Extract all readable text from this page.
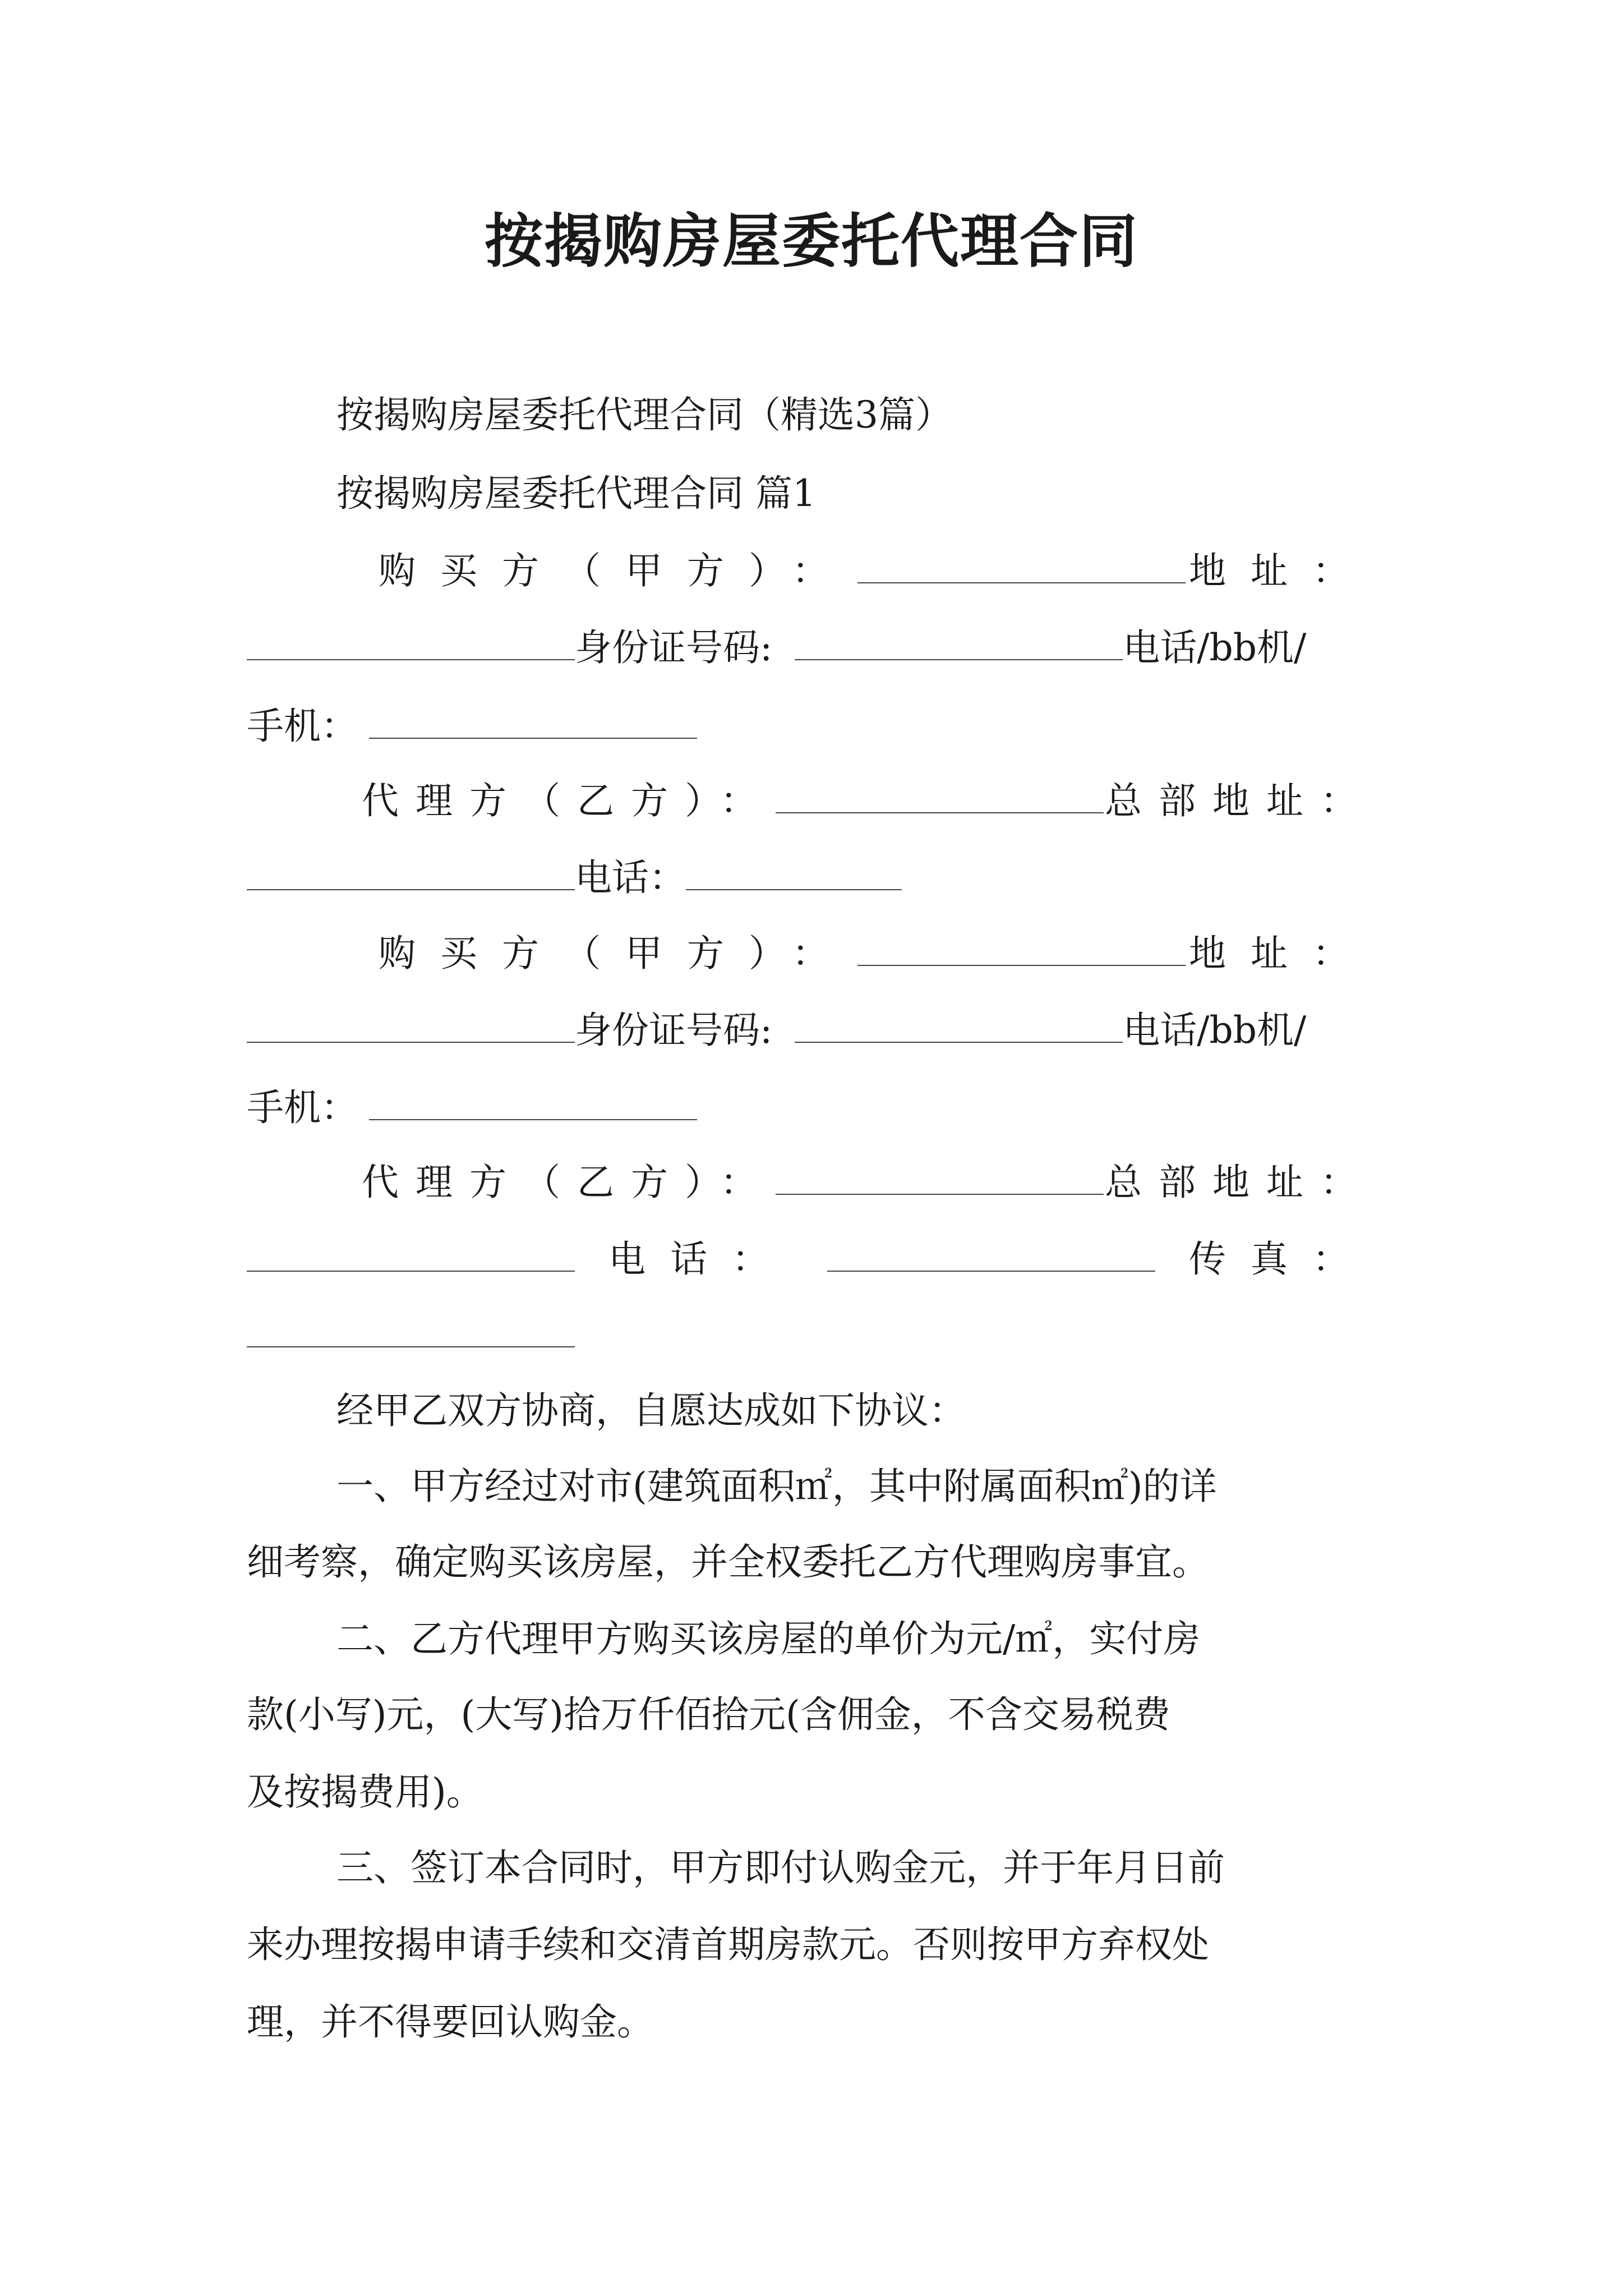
按揭购房屋委托代理合同
按揭购房屋委托代理合同（精选3篇）
按揭购房屋委托代理合同 篇1
购买方（甲方）：	地址：
身份证号码:	电话/bb机/
手机：
代理方（乙方）：	总部地址：
电话：
购买方（甲方）：	地址：
身份证号码:	电话/bb机/
手机：
代理方（乙方）：	总部地址：
电话：	传真：
经甲乙双方协商，自愿达成如下协议：
一、甲方经过对市(建筑面积㎡，其中附属面积㎡)的详
细考察，确定购买该房屋，并全权委托乙方代理购房事宜。
二、乙方代理甲方购买该房屋的单价为元/㎡，实付房
款(小写)元，(大写)拾万仟佰拾元(含佣金，不含交易税费
及按揭费用)。
三、签订本合同时，甲方即付认购金元，并于年月日前
来办理按揭申请手续和交清首期房款元。否则按甲方弃权处
理，并不得要回认购金。
